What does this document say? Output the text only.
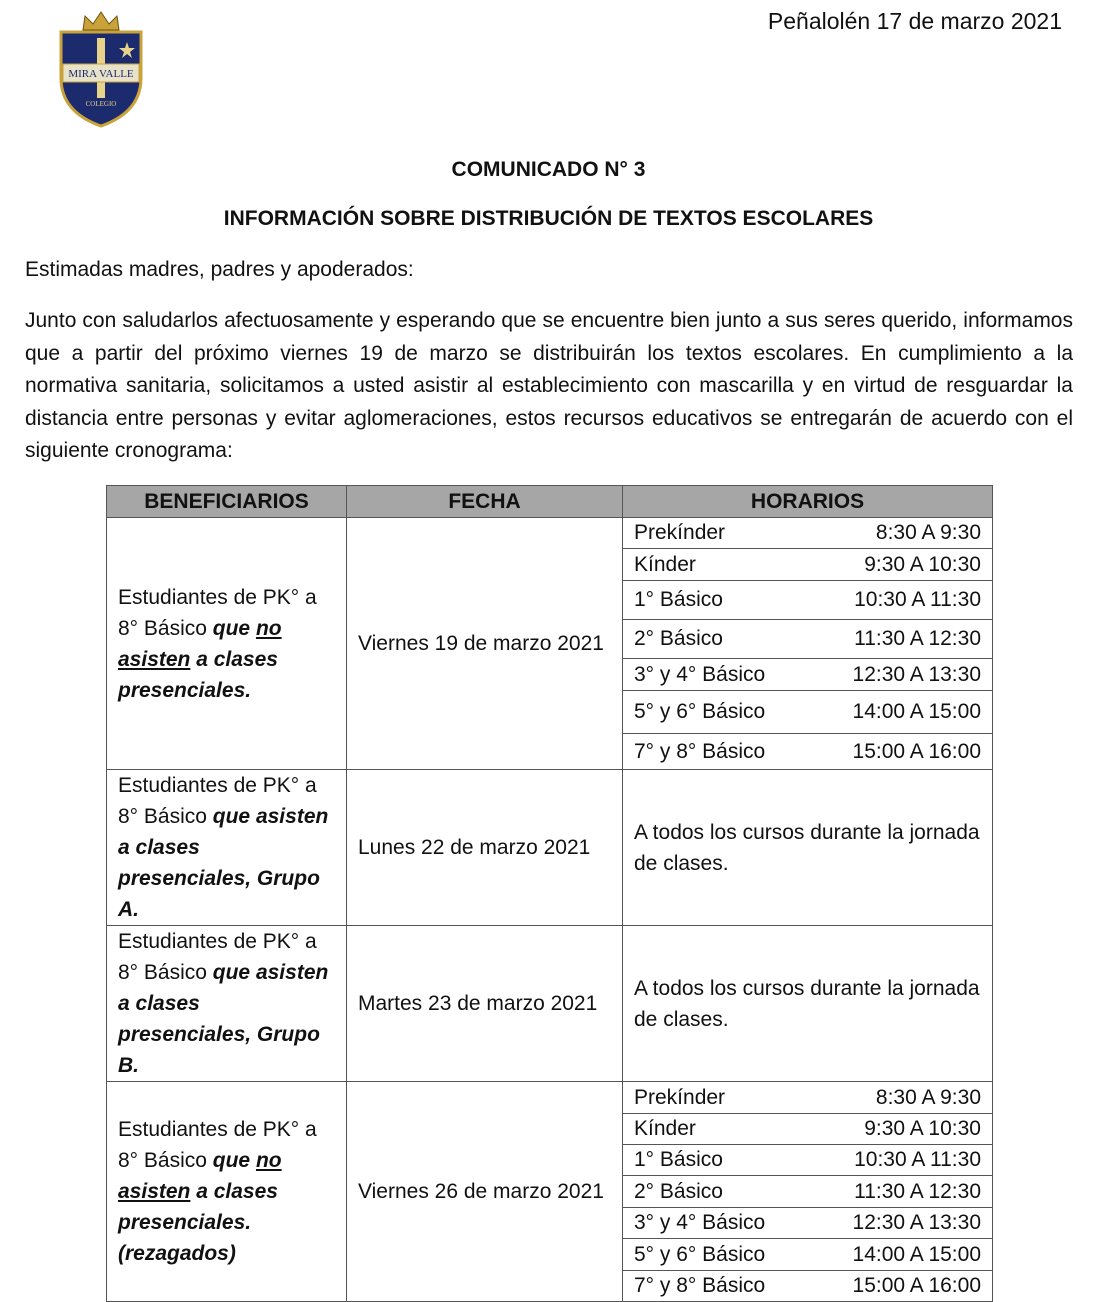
MIRA VALLE
COLEGIO
Peñalolén 17 de marzo 2021
COMUNICADO N° 3
INFORMACIÓN SOBRE DISTRIBUCIÓN DE TEXTOS ESCOLARES
Estimadas madres, padres y apoderados:
Junto con saludarlos afectuosamente y esperando que se encuentre bien junto a sus seres querido, informamos que a partir del próximo viernes 19 de marzo se distribuirán los textos escolares. En cumplimiento a la normativa sanitaria, solicitamos a usted asistir al establecimiento con mascarilla y en virtud de resguardar la distancia entre personas y evitar aglomeraciones, estos recursos educativos se entregarán de acuerdo con el siguiente cronograma:
BENEFICIARIOS	FECHA	HORARIOS
Estudiantes de PK° a 8° Básico que no asisten a clases presenciales.	Viernes 19 de marzo 2021	Prekínder 8:30 A 9:30

		Kínder 9:30 A 10:30

		1° Básico 10:30 A 11:30

		2° Básico 11:30 A 12:30

		3° y 4° Básico 12:30 A 13:30

		5° y 6° Básico 14:00 A 15:00

		7° y 8° Básico 15:00 A 16:00

Estudiantes de PK° a 8° Básico que asisten a clases presenciales, Grupo A.	Lunes 22 de marzo 2021	A todos los cursos durante la jornada de clases.
Estudiantes de PK° a 8° Básico que asisten a clases presenciales, Grupo B.	Martes 23 de marzo 2021	A todos los cursos durante la jornada de clases.
Estudiantes de PK° a 8° Básico que no asisten a clases presenciales. (rezagados)	Viernes 26 de marzo 2021	Prekínder 8:30 A 9:30

		Kínder 9:30 A 10:30

		1° Básico 10:30 A 11:30

		2° Básico 11:30 A 12:30

		3° y 4° Básico 12:30 A 13:30

		5° y 6° Básico 14:00 A 15:00

		7° y 8° Básico 15:00 A 16:00
